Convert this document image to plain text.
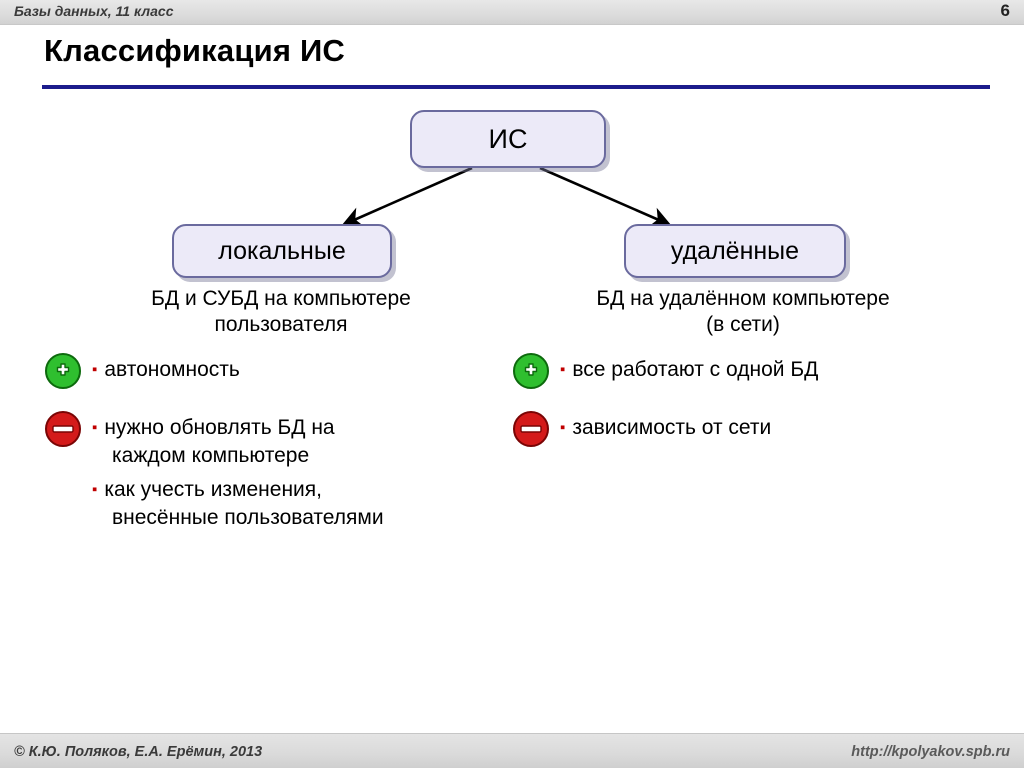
Базы данных, 11 класс	6
Классификация ИС
ИС
локальные	удалённые
БД и СУБД на компьютере
пользователя
БД на удалённом компьютере
(в сети)
▪ автономность
▪ нужно обновлять БД на
каждом компьютере
▪ как учесть изменения,
внесённые пользователями
▪ все работают с одной БД
▪ зависимость от сети
© К.Ю. Поляков, Е.А. Ерёмин, 2013	http://kpolyakov.spb.ru
